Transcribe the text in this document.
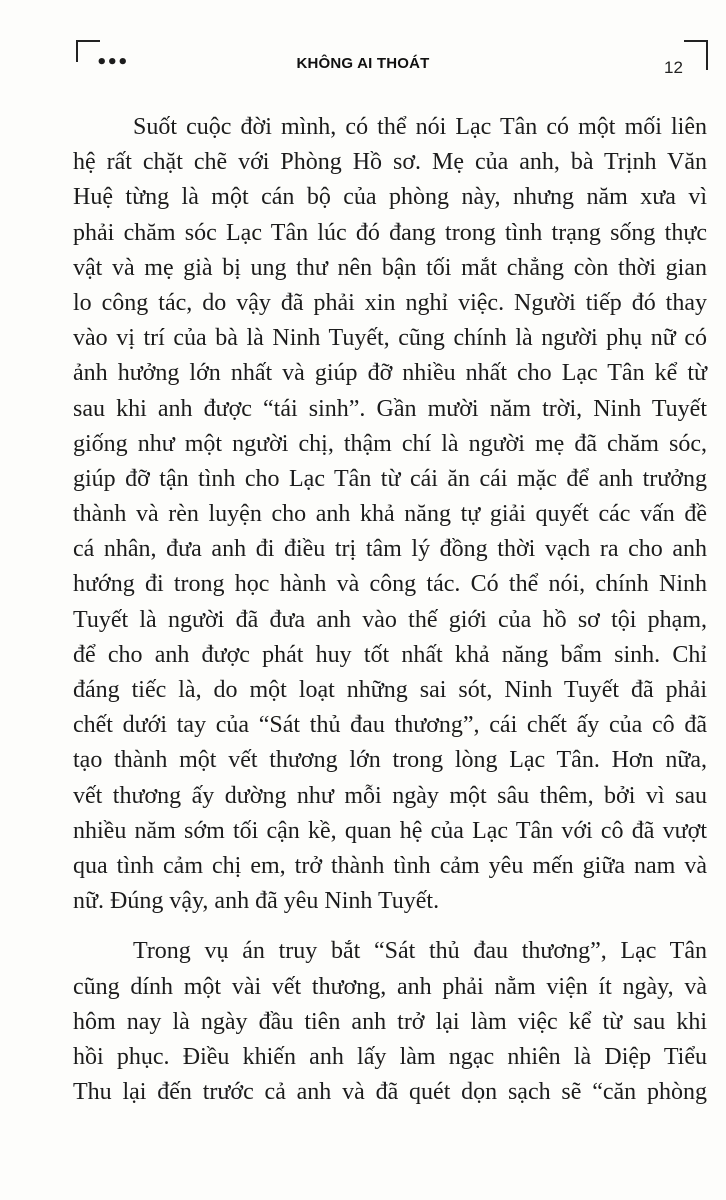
•••	KHÔNG AI THOÁT	12
Suốt cuộc đời mình, có thể nói Lạc Tân có một mối liên
hệ rất chặt chẽ với Phòng Hồ sơ. Mẹ của anh, bà Trịnh Văn
Huệ từng là một cán bộ của phòng này, nhưng năm xưa vì
phải chăm sóc Lạc Tân lúc đó đang trong tình trạng sống thực
vật và mẹ già bị ung thư nên bận tối mắt chẳng còn thời gian
lo công tác, do vậy đã phải xin nghỉ việc. Người tiếp đó thay
vào vị trí của bà là Ninh Tuyết, cũng chính là người phụ nữ có
ảnh hưởng lớn nhất và giúp đỡ nhiều nhất cho Lạc Tân kể từ
sau khi anh được “tái sinh”. Gần mười năm trời, Ninh Tuyết
giống như một người chị, thậm chí là người mẹ đã chăm sóc,
giúp đỡ tận tình cho Lạc Tân từ cái ăn cái mặc để anh trưởng
thành và rèn luyện cho anh khả năng tự giải quyết các vấn đề
cá nhân, đưa anh đi điều trị tâm lý đồng thời vạch ra cho anh
hướng đi trong học hành và công tác. Có thể nói, chính Ninh
Tuyết là người đã đưa anh vào thế giới của hồ sơ tội phạm,
để cho anh được phát huy tốt nhất khả năng bẩm sinh. Chỉ
đáng tiếc là, do một loạt những sai sót, Ninh Tuyết đã phải
chết dưới tay của “Sát thủ đau thương”, cái chết ấy của cô đã
tạo thành một vết thương lớn trong lòng Lạc Tân. Hơn nữa,
vết thương ấy dường như mỗi ngày một sâu thêm, bởi vì sau
nhiều năm sớm tối cận kề, quan hệ của Lạc Tân với cô đã vượt
qua tình cảm chị em, trở thành tình cảm yêu mến giữa nam và
nữ. Đúng vậy, anh đã yêu Ninh Tuyết.
Trong vụ án truy bắt “Sát thủ đau thương”, Lạc Tân
cũng dính một vài vết thương, anh phải nằm viện ít ngày, và
hôm nay là ngày đầu tiên anh trở lại làm việc kể từ sau khi
hồi phục. Điều khiến anh lấy làm ngạc nhiên là Diệp Tiểu
Thu lại đến trước cả anh và đã quét dọn sạch sẽ “căn phòng
